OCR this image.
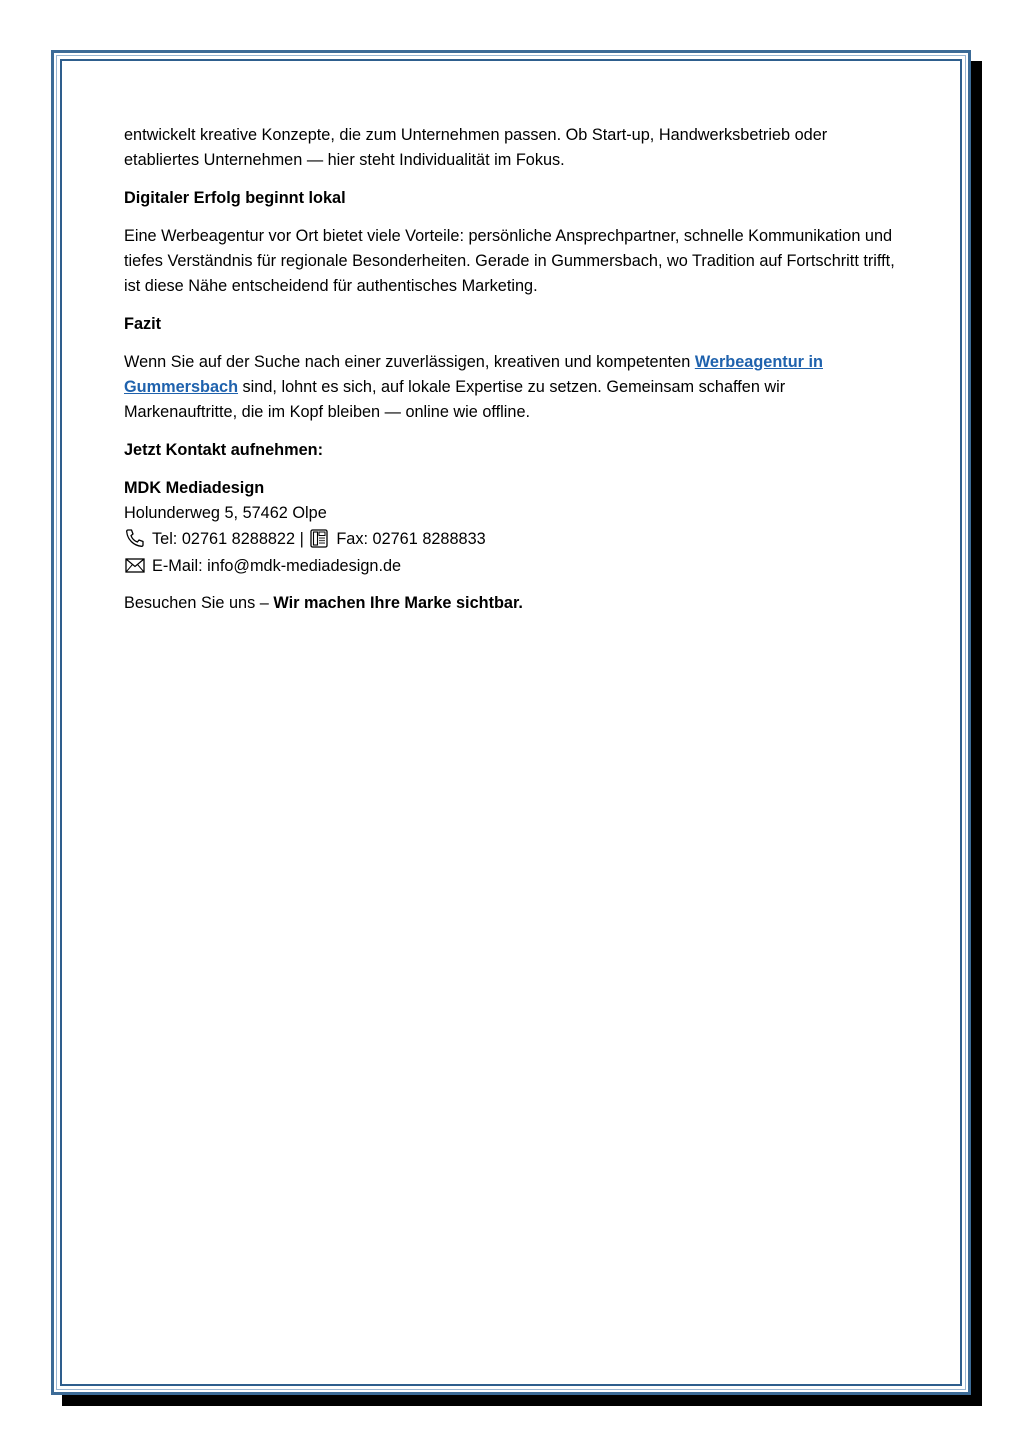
entwickelt kreative Konzepte, die zum Unternehmen passen. Ob Start-up, Handwerksbetrieb oder etabliertes Unternehmen — hier steht Individualität im Fokus.

Digitaler Erfolg beginnt lokal

Eine Werbeagentur vor Ort bietet viele Vorteile: persönliche Ansprechpartner, schnelle Kommunikation und tiefes Verständnis für regionale Besonderheiten. Gerade in Gummersbach, wo Tradition auf Fortschritt trifft, ist diese Nähe entscheidend für authentisches Marketing.

Fazit

Wenn Sie auf der Suche nach einer zuverlässigen, kreativen und kompetenten Werbeagentur in Gummersbach sind, lohnt es sich, auf lokale Expertise zu setzen. Gemeinsam schaffen wir Markenauftritte, die im Kopf bleiben — online wie offline.

Jetzt Kontakt aufnehmen:

MDK Mediadesign
Holunderweg 5, 57462 Olpe
Tel: 02761 8288822 |
Fax: 02761 8288833
E-Mail: info@mdk-mediadesign.de

Besuchen Sie uns – Wir machen Ihre Marke sichtbar.
